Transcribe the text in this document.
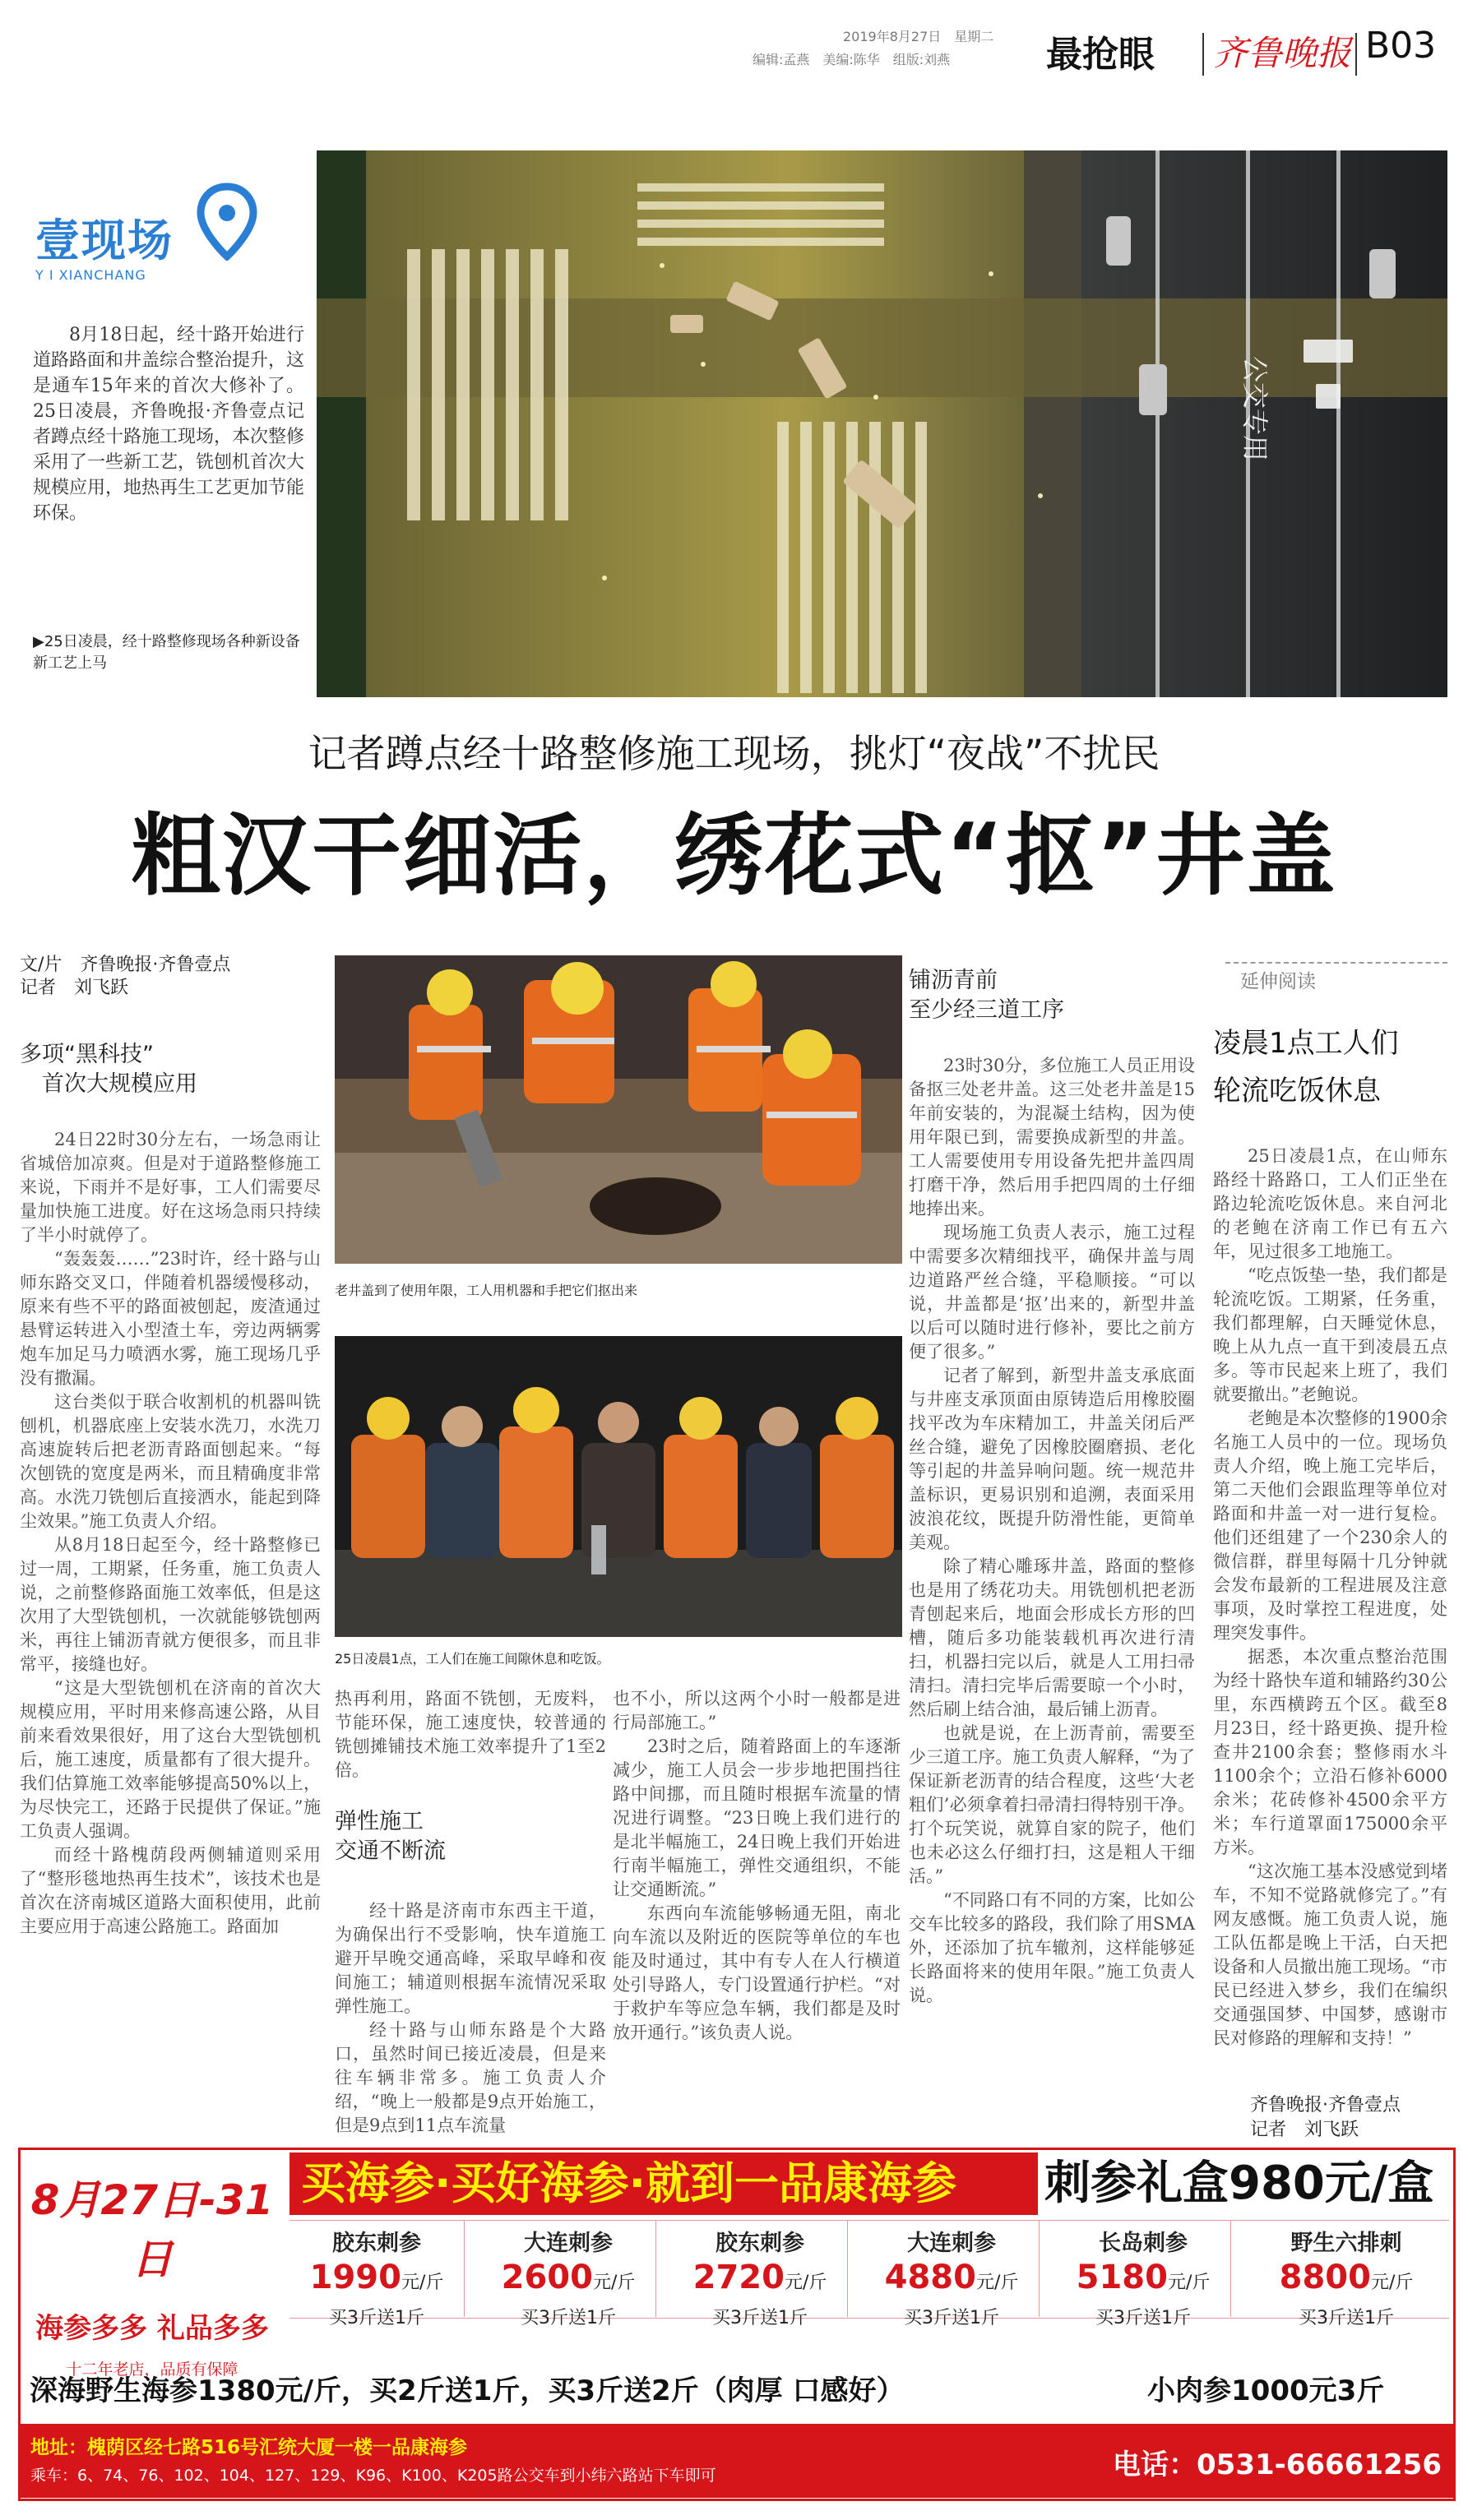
2019年8月27日　星期二
编辑:孟燕　美编:陈华　组版:刘燕	最抢眼 齐鲁晚报 B03
公交专用
壹现场
Y I XIANCHANG

8月18日起，经十路开始进行道路路面和井盖综合整治提升，这是通车15年来的首次大修补了。25日凌晨，齐鲁晚报·齐鲁壹点记者蹲点经十路施工现场，本次整修采用了一些新工艺，铣刨机首次大规模应用，地热再生工艺更加节能环保。

▶25日凌晨，经十路整修现场各种新设备新工艺上马
记者蹲点经十路整修施工现场，挑灯“夜战”不扰民
粗汉干细活，绣花式“抠”井盖
文/片　齐鲁晚报·齐鲁壹点
记者　刘飞跃
多项“黑科技”
首次大规模应用

24日22时30分左右，一场急雨让省城倍加凉爽。但是对于道路整修施工来说，下雨并不是好事，工人们需要尽量加快施工进度。好在这场急雨只持续了半小时就停了。

“轰轰轰……”23时许，经十路与山师东路交叉口，伴随着机器缓慢移动，原来有些不平的路面被刨起，废渣通过悬臂运转进入小型渣土车，旁边两辆雾炮车加足马力喷洒水雾，施工现场几乎没有撒漏。

这台类似于联合收割机的机器叫铣刨机，机器底座上安装水洗刀，水洗刀高速旋转后把老沥青路面刨起来。“每次刨铣的宽度是两米，而且精确度非常高。水洗刀铣刨后直接洒水，能起到降尘效果。”施工负责人介绍。

从8月18日起至今，经十路整修已过一周，工期紧，任务重，施工负责人说，之前整修路面施工效率低，但是这次用了大型铣刨机，一次就能够铣刨两米，再往上铺沥青就方便很多，而且非常平，接缝也好。

“这是大型铣刨机在济南的首次大规模应用，平时用来修高速公路，从目前来看效果很好，用了这台大型铣刨机后，施工速度，质量都有了很大提升。我们估算施工效率能够提高50%以上，为尽快完工，还路于民提供了保证。”施工负责人强调。

而经十路槐荫段两侧辅道则采用了“整形毯地热再生技术”，该技术也是首次在济南城区道路大面积使用，此前主要应用于高速公路施工。路面加

老井盖到了使用年限，工人用机器和手把它们抠出来
25日凌晨1点，工人们在施工间隙休息和吃饭。

热再利用，路面不铣刨，无废料，节能环保，施工速度快，较普通的铣刨摊铺技术施工效率提升了1至2倍。

弹性施工
交通不断流

经十路是济南市东西主干道，为确保出行不受影响，快车道施工避开早晚交通高峰，采取早峰和夜间施工；辅道则根据车流情况采取弹性施工。

经十路与山师东路是个大路口，虽然时间已接近凌晨，但是来往车辆非常多。施工负责人介绍，“晚上一般都是9点开始施工，但是9点到11点车流量

也不小，所以这两个小时一般都是进行局部施工。”

23时之后，随着路面上的车逐渐减少，施工人员会一步步地把围挡往路中间挪，而且随时根据车流量的情况进行调整。“23日晚上我们进行的是北半幅施工，24日晚上我们开始进行南半幅施工，弹性交通组织，不能让交通断流。”

东西向车流能够畅通无阻，南北向车流以及附近的医院等单位的车也能及时通过，其中有专人在人行横道处引导路人，专门设置通行护栏。“对于救护车等应急车辆，我们都是及时放开通行。”该负责人说。

铺沥青前
至少经三道工序

23时30分，多位施工人员正用设备抠三处老井盖。这三处老井盖是15年前安装的，为混凝土结构，因为使用年限已到，需要换成新型的井盖。工人需要使用专用设备先把井盖四周打磨干净，然后用手把四周的土仔细地捧出来。

现场施工负责人表示，施工过程中需要多次精细找平，确保井盖与周边道路严丝合缝，平稳顺接。“可以说，井盖都是‘抠’出来的，新型井盖以后可以随时进行修补，要比之前方便了很多。”

记者了解到，新型井盖支承底面与井座支承顶面由原铸造后用橡胶圈找平改为车床精加工，井盖关闭后严丝合缝，避免了因橡胶圈磨损、老化等引起的井盖异响问题。统一规范井盖标识，更易识别和追溯，表面采用波浪花纹，既提升防滑性能，更简单美观。

除了精心雕琢井盖，路面的整修也是用了绣花功夫。用铣刨机把老沥青刨起来后，地面会形成长方形的凹槽，随后多功能装载机再次进行清扫，机器扫完以后，就是人工用扫帚清扫。清扫完毕后需要晾一个小时，然后刷上结合油，最后铺上沥青。

也就是说，在上沥青前，需要至少三道工序。施工负责人解释，“为了保证新老沥青的结合程度，这些‘大老粗们’必须拿着扫帚清扫得特别干净。打个玩笑说，就算自家的院子，他们也未必这么仔细打扫，这是粗人干细活。”

“不同路口有不同的方案，比如公交车比较多的路段，我们除了用SMA外，还添加了抗车辙剂，这样能够延长路面将来的使用年限。”施工负责人说。

延伸阅读
凌晨1点工人们
轮流吃饭休息

25日凌晨1点，在山师东路经十路路口，工人们正坐在路边轮流吃饭休息。来自河北的老鲍在济南工作已有五六年，见过很多工地施工。

“吃点饭垫一垫，我们都是轮流吃饭。工期紧，任务重，我们都理解，白天睡觉休息，晚上从九点一直干到凌晨五点多。等市民起来上班了，我们就要撤出。”老鲍说。

老鲍是本次整修的1900余名施工人员中的一位。现场负责人介绍，晚上施工完毕后，第二天他们会跟监理等单位对路面和井盖一对一进行复检。他们还组建了一个230余人的微信群，群里每隔十几分钟就会发布最新的工程进展及注意事项，及时掌控工程进度，处理突发事件。

据悉，本次重点整治范围为经十路快车道和辅路约30公里，东西横跨五个区。截至8月23日，经十路更换、提升检查井2100余套；整修雨水斗1100余个；立沿石修补6000余米；花砖修补4500余平方米；车行道罩面175000余平方米。

“这次施工基本没感觉到堵车，不知不觉路就修完了。”有网友感慨。施工负责人说，施工队伍都是晚上干活，白天把设备和人员撤出施工现场。“市民已经进入梦乡，我们在编织交通强国梦、中国梦，感谢市民对修路的理解和支持！”

齐鲁晚报·齐鲁壹点
记者　刘飞跃
8月27日-31日
海参多多 礼品多多
十二年老店，品质有保障
买海参·买好海参·就到一品康海参	刺参礼盒980元/盒
胶东刺参
1990元/斤
买3斤送1斤
大连刺参
2600元/斤
买3斤送1斤
胶东刺参
2720元/斤
买3斤送1斤
大连刺参
4880元/斤
买3斤送1斤
长岛刺参
5180元/斤
买3斤送1斤
野生六排刺
8800元/斤
买3斤送1斤
深海野生海参1380元/斤，买2斤送1斤，买3斤送2斤（肉厚 口感好）	小肉参1000元3斤
地址：槐荫区经七路516号汇统大厦一楼一品康海参
乘车：6、74、76、102、104、127、129、K96、K100、K205路公交车到小纬六路站下车即可	电话：0531-66661256
